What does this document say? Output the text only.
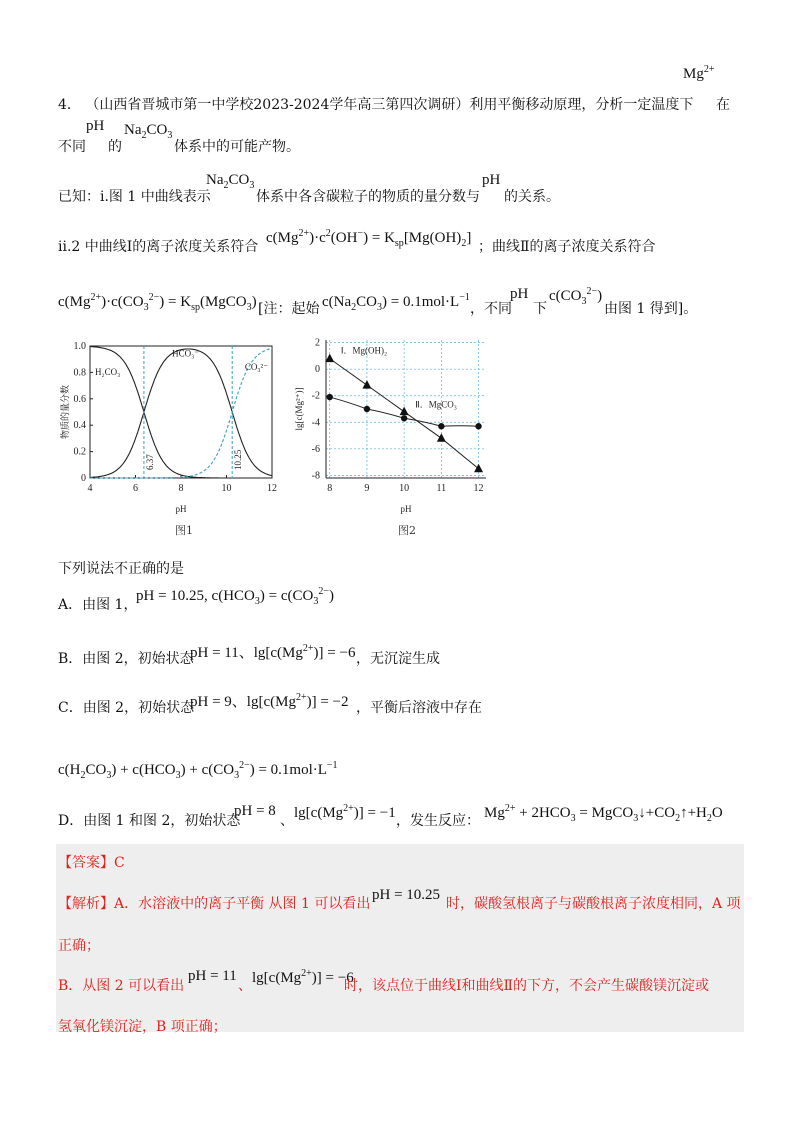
4． （山西省晋城市第一中学校2023-2024学年高三第四次调研）利用平衡移动原理，分析一定温度下
$Mg^{2+}$
在
不同
pH
的
$Na_2CO_3$
体系中的可能产物。
已知：i.图 1 中曲线表示
$Na_2CO_3$
体系中各含碳粒子的物质的量分数与
pH
的关系。
ii.2 中曲线Ⅰ的离子浓度关系符合
$c(Mg^{2+})\cdot c^2(OH^-) = K_{sp}[Mg(OH)_2]$
；曲线Ⅱ的离子浓度关系符合
$c(Mg^{2+})\cdot c(CO_3^{2-})$ = $K_{sp}(MgCO_3)$ [注：起始 $c(Na_2CO_3) = 0.1mol\cdot L^{-1}$
，不同
pH
下
$c(CO_3^{2-})$
由图 1 得到]。
4	6	8	10	12
0
0.2
0.4
0.6
0.8
1.0
pH
物质的量分数
6.37	10.25
H₂CO₃
HCO₃⁻
CO₃²⁻
图1
8	9	10	11	12
2
0
-2
-4
-6
-8
pH
lg[c(Mg²⁺)]
Ⅰ．Mg(OH)₂
Ⅱ．MgCO₃
图2
下列说法不正确的是
A．由图 1，
pH = 10.25, $c(HCO_3) = c(CO_3^{2-})$
B．由图 2，初始状态
pH = 11、$\lg[c(Mg^{2+})] = -6$ ，无沉淀生成
C．由图 2，初始状态
pH = 9、$\lg[c(Mg^{2+})] = -2$ ，平衡后溶液中存在
$c(H_2CO_3) + c(HCO_3) + c(CO_3^{2-}) = 0.1mol\cdot L^{-1}$
D．由图 1 和图 2，初始状态
pH = 8
、 $\lg[c(Mg^{2+})] = -1$ ，发生反应： $Mg^{2+} + 2HCO_3$ = $MgCO_3↓+CO_2↑+H_2O$
【答案】C
【解析】A．水溶液中的离子平衡 从图 1 可以看出
pH = 10.25
时，碳酸氢根离子与碳酸根离子浓度相同，A 项
正确；
B．从图 2 可以看出
pH = 11
、 $\lg[c(Mg^{2+})] = -6$
时，该点位于曲线Ⅰ和曲线Ⅱ的下方，不会产生碳酸镁沉淀或
氢氧化镁沉淀，B 项正确；
